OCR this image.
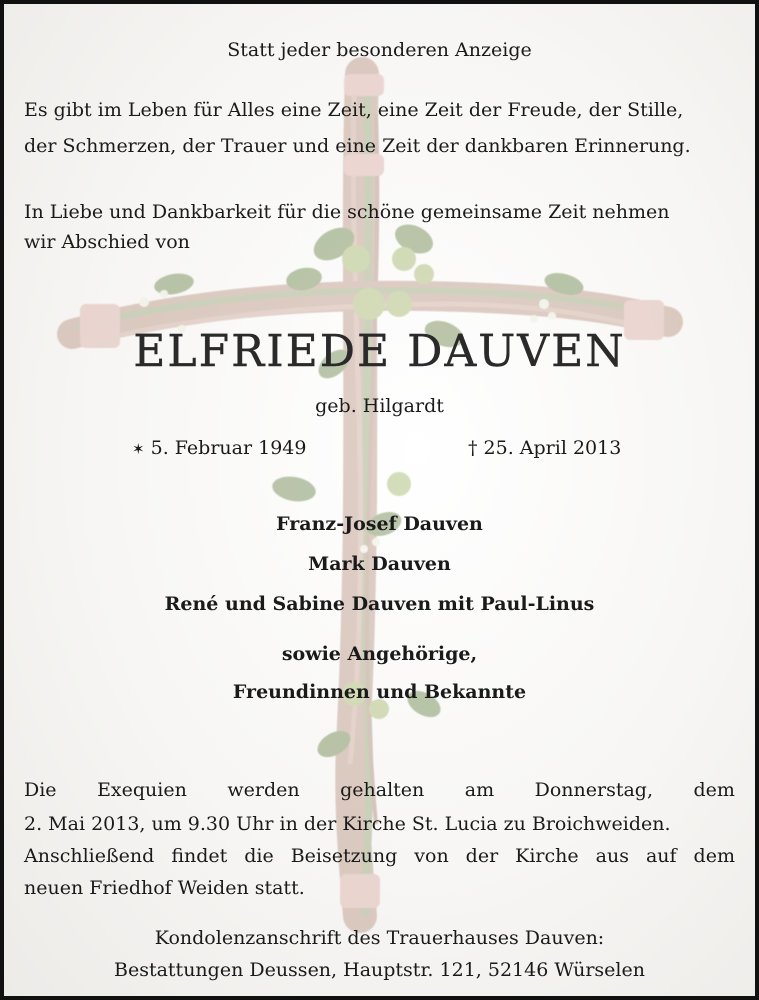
Statt jeder besonderen Anzeige
Es gibt im Leben für Alles eine Zeit, eine Zeit der Freude, der Stille,
der Schmerzen, der Trauer und eine Zeit der dankbaren Erinnerung.
In Liebe und Dankbarkeit für die schöne gemeinsame Zeit nehmen
wir Abschied von
ELFRIEDE DAUVEN
geb. Hilgardt
✶ 5. Februar 1949	† 25. April 2013
Franz-Josef Dauven
Mark Dauven
René und Sabine Dauven mit Paul-Linus
sowie Angehörige,
Freundinnen und Bekannte
Die Exequien werden gehalten am Donnerstag, dem
2. Mai 2013, um 9.30 Uhr in der Kirche St. Lucia zu Broichweiden.
Anschließend findet die Beisetzung von der Kirche aus auf dem
neuen Friedhof Weiden statt.
Kondolenzanschrift des Trauerhauses Dauven:
Bestattungen Deussen, Hauptstr. 121, 52146 Würselen
